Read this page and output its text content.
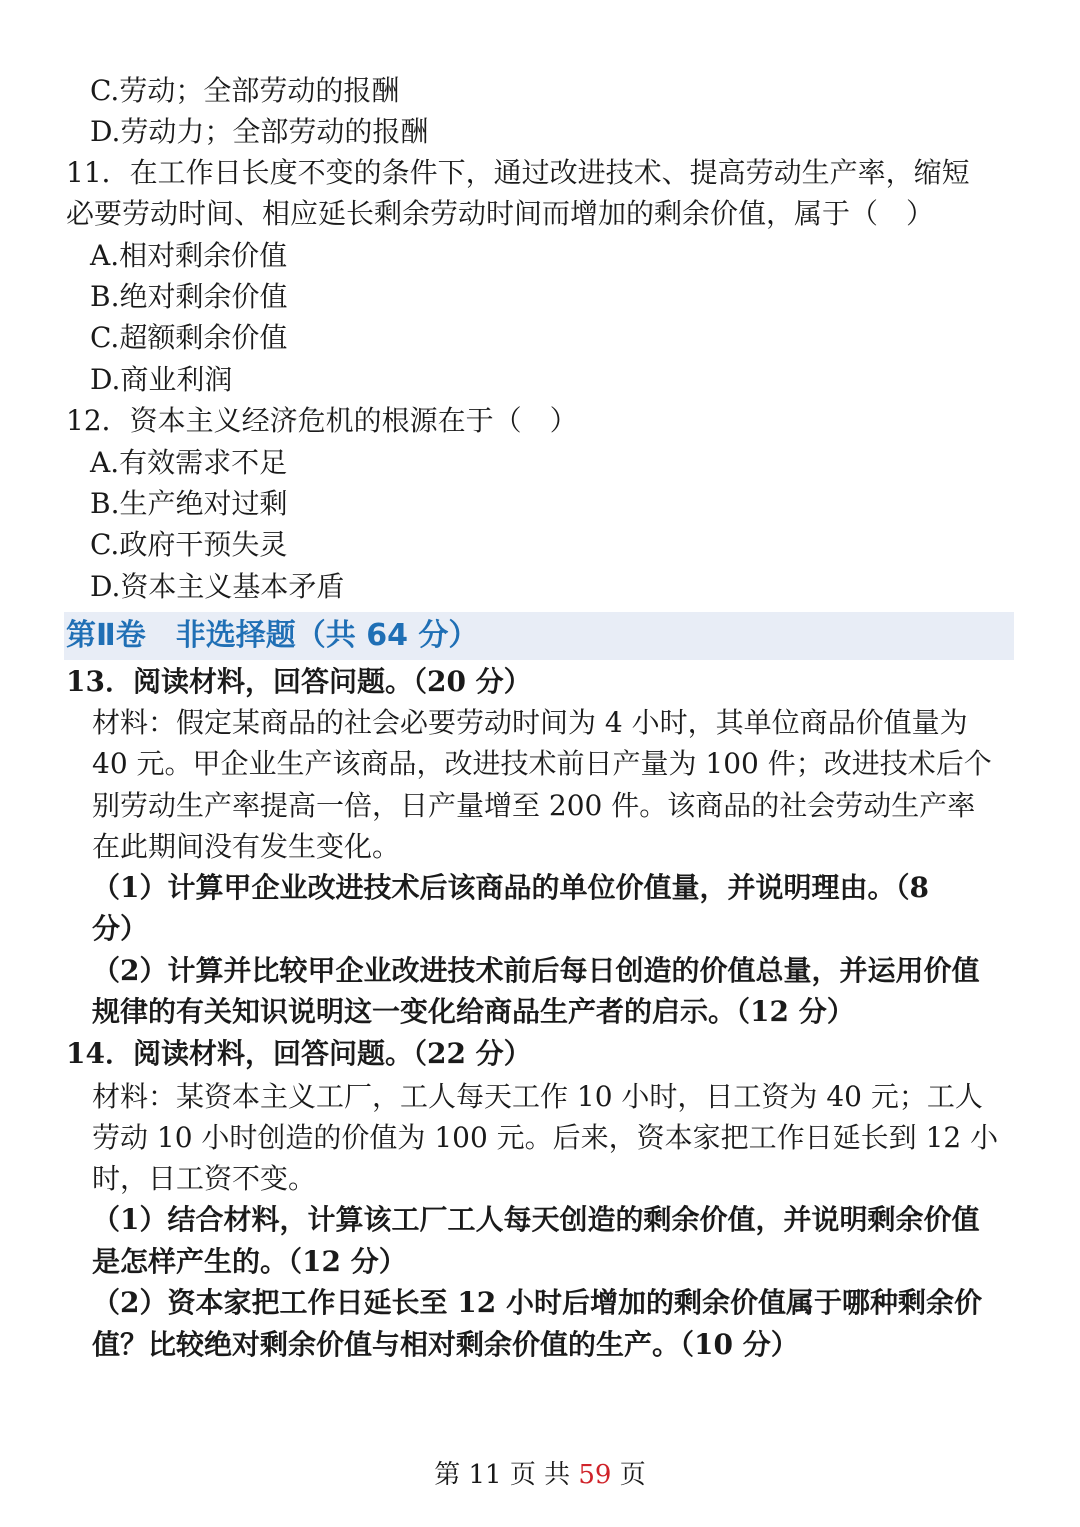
C.劳动；全部劳动的报酬
D.劳动力；全部劳动的报酬
11．在工作日长度不变的条件下，通过改进技术、提高劳动生产率，缩短
必要劳动时间、相应延长剩余劳动时间而增加的剩余价值，属于（　）
A.相对剩余价值
B.绝对剩余价值
C.超额剩余价值
D.商业利润
12．资本主义经济危机的根源在于（　）
A.有效需求不足
B.生产绝对过剩
C.政府干预失灵
D.资本主义基本矛盾
第Ⅱ卷　非选择题（共 64 分）
13．阅读材料，回答问题。（20 分）
材料：假定某商品的社会必要劳动时间为 4 小时，其单位商品价值量为
40 元。甲企业生产该商品，改进技术前日产量为 100 件；改进技术后个
别劳动生产率提高一倍，日产量增至 200 件。该商品的社会劳动生产率
在此期间没有发生变化。
（1）计算甲企业改进技术后该商品的单位价值量，并说明理由。（8
分）
（2）计算并比较甲企业改进技术前后每日创造的价值总量，并运用价值
规律的有关知识说明这一变化给商品生产者的启示。（12 分）
14．阅读材料，回答问题。（22 分）
材料：某资本主义工厂，工人每天工作 10 小时，日工资为 40 元；工人
劳动 10 小时创造的价值为 100 元。后来，资本家把工作日延长到 12 小
时，日工资不变。
（1）结合材料，计算该工厂工人每天创造的剩余价值，并说明剩余价值
是怎样产生的。（12 分）
（2）资本家把工作日延长至 12 小时后增加的剩余价值属于哪种剩余价
值？比较绝对剩余价值与相对剩余价值的生产。（10 分）
第 11 页 共 59 页
